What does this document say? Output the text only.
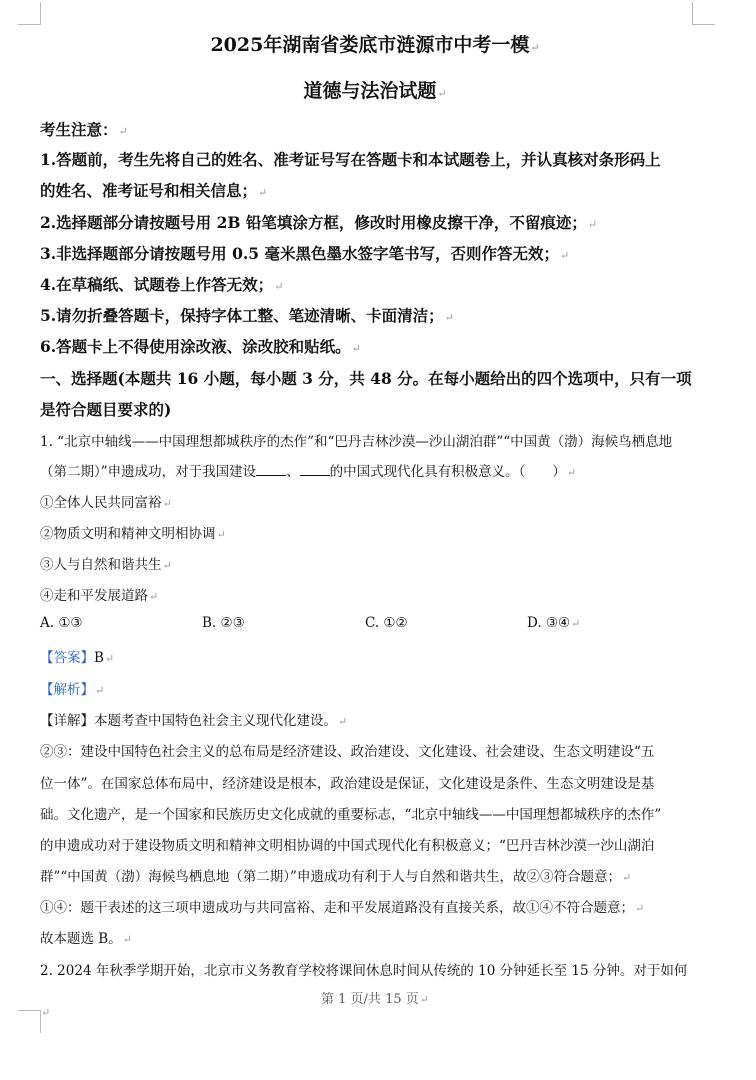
2025年湖南省娄底市涟源市中考一模↵
道德与法治试题↵
考生注意：↵
1.答题前，考生先将自己的姓名、准考证号写在答题卡和本试题卷上，并认真核对条形码上
的姓名、准考证号和相关信息；↵
2.选择题部分请按题号用 2B 铅笔填涂方框，修改时用橡皮擦干净，不留痕迹；↵
3.非选择题部分请按题号用 0.5 毫米黑色墨水签字笔书写，否则作答无效；↵
4.在草稿纸、试题卷上作答无效；↵
5.请勿折叠答题卡，保持字体工整、笔迹清晰、卡面清洁；↵
6.答题卡上不得使用涂改液、涂改胶和贴纸。↵
一、选择题(本题共 16 小题，每小题 3 分，共 48 分。在每小题给出的四个选项中，只有一项
是符合题目要求的)
1. “北京中轴线——中国理想都城秩序的杰作”和“巴丹吉林沙漠—沙山湖泊群”“中国黄（渤）海候鸟栖息地
（第二期）”申遗成功，对于我国建设 、 的中国式现代化具有积极意义。（　　）↵
①全体人民共同富裕↵
②物质文明和精神文明相协调↵
③人与自然和谐共生↵
④走和平发展道路↵
A. ①③	B. ②③	C. ①②	D. ③④↵
【答案】B↵
【解析】↵
【详解】本题考查中国特色社会主义现代化建设。↵
②③：建设中国特色社会主义的总布局是经济建设、政治建设、文化建设、社会建设、生态文明建设“五
位一体”。在国家总体布局中，经济建设是根本，政治建设是保证，文化建设是条件、生态文明建设是基
础。文化遗产，是一个国家和民族历史文化成就的重要标志，“北京中轴线——中国理想都城秩序的杰作”
的申遗成功对于建设物质文明和精神文明相协调的中国式现代化有积极意义；“巴丹吉林沙漠一沙山湖泊
群”“中国黄（渤）海候鸟栖息地（第二期）”申遗成功有利于人与自然和谐共生，故②③符合题意；↵
①④：题干表述的这三项申遗成功与共同富裕、走和平发展道路没有直接关系，故①④不符合题意；↵
故本题选 B。↵
2. 2024 年秋季学期开始，北京市义务教育学校将课间休息时间从传统的 10 分钟延长至 15 分钟。对于如何
第 1 页/共 15 页↵
↵
